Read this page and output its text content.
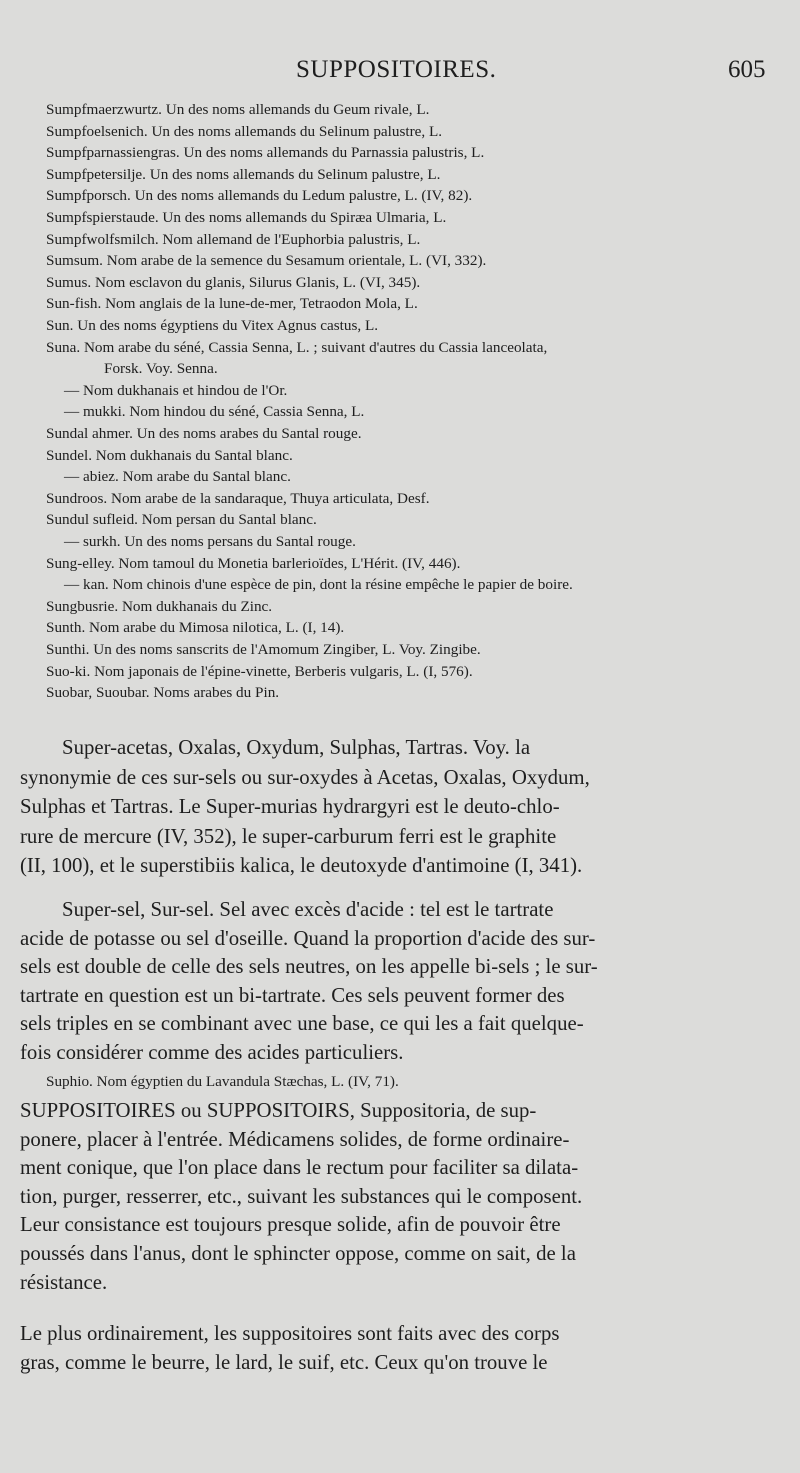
SUPPOSITOIRES.	605
Sumpfmaerzwurtz. Un des noms allemands du Geum rivale, L.
Sumpfoelsenich. Un des noms allemands du Selinum palustre, L.
Sumpfparnassiengras. Un des noms allemands du Parnassia palustris, L.
Sumpfpetersilje. Un des noms allemands du Selinum palustre, L.
Sumpfporsch. Un des noms allemands du Ledum palustre, L. (IV, 82).
Sumpfspierstaude. Un des noms allemands du Spiræa Ulmaria, L.
Sumpfwolfsmilch. Nom allemand de l'Euphorbia palustris, L.
Sumsum. Nom arabe de la semence du Sesamum orientale, L. (VI, 332).
Sumus. Nom esclavon du glanis, Silurus Glanis, L. (VI, 345).
Sun-fish. Nom anglais de la lune-de-mer, Tetraodon Mola, L.
Sun. Un des noms égyptiens du Vitex Agnus castus, L.
Suna. Nom arabe du séné, Cassia Senna, L. ; suivant d'autres du Cassia lanceolata,
Forsk. Voy. Senna.
— Nom dukhanais et hindou de l'Or.
— mukki. Nom hindou du séné, Cassia Senna, L.
Sundal ahmer. Un des noms arabes du Santal rouge.
Sundel. Nom dukhanais du Santal blanc.
— abiez. Nom arabe du Santal blanc.
Sundroos. Nom arabe de la sandaraque, Thuya articulata, Desf.
Sundul sufleid. Nom persan du Santal blanc.
— surkh. Un des noms persans du Santal rouge.
Sung-elley. Nom tamoul du Monetia barlerioïdes, L'Hérit. (IV, 446).
— kan. Nom chinois d'une espèce de pin, dont la résine empêche le papier de boire.
Sungbusrie. Nom dukhanais du Zinc.
Sunth. Nom arabe du Mimosa nilotica, L. (I, 14).
Sunthi. Un des noms sanscrits de l'Amomum Zingiber, L. Voy. Zingibe.
Suo-ki. Nom japonais de l'épine-vinette, Berberis vulgaris, L. (I, 576).
Suobar, Suoubar. Noms arabes du Pin.
Super-acetas, Oxalas, Oxydum, Sulphas, Tartras. Voy. la
synonymie de ces sur-sels ou sur-oxydes à Acetas, Oxalas, Oxydum,
Sulphas et Tartras. Le Super-murias hydrargyri est le deuto-chlo-
rure de mercure (IV, 352), le super-carburum ferri est le graphite
(II, 100), et le superstibiis kalica, le deutoxyde d'antimoine (I, 341).
Super-sel, Sur-sel. Sel avec excès d'acide : tel est le tartrate
acide de potasse ou sel d'oseille. Quand la proportion d'acide des sur-
sels est double de celle des sels neutres, on les appelle bi-sels ; le sur-
tartrate en question est un bi-tartrate. Ces sels peuvent former des
sels triples en se combinant avec une base, ce qui les a fait quelque-
fois considérer comme des acides particuliers.
Suphio. Nom égyptien du Lavandula Stæchas, L. (IV, 71).
SUPPOSITOIRES ou SUPPOSITOIRS, Suppositoria, de sup-
ponere, placer à l'entrée. Médicamens solides, de forme ordinaire-
ment conique, que l'on place dans le rectum pour faciliter sa dilata-
tion, purger, resserrer, etc., suivant les substances qui le composent.
Leur consistance est toujours presque solide, afin de pouvoir être
poussés dans l'anus, dont le sphincter oppose, comme on sait, de la
résistance.
Le plus ordinairement, les suppositoires sont faits avec des corps
gras, comme le beurre, le lard, le suif, etc. Ceux qu'on trouve le
